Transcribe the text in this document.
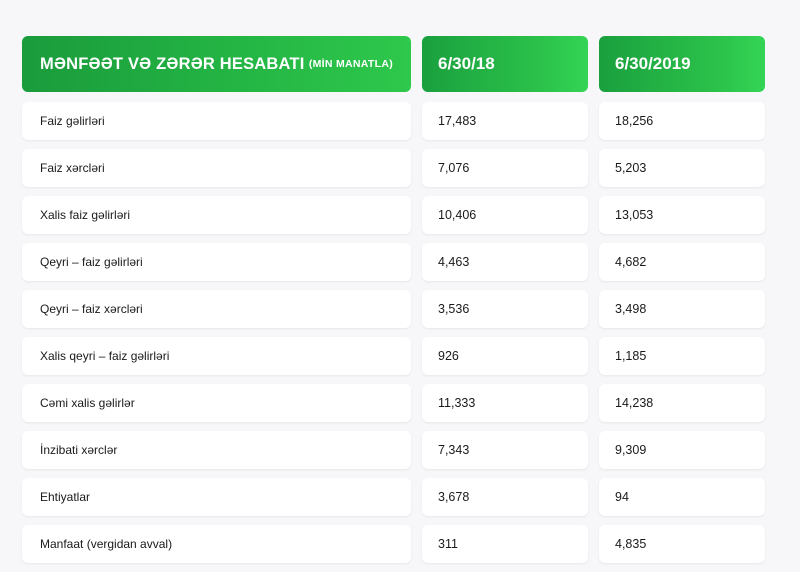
MƏNFƏƏT VƏ ZƏRƏR HESABATI (MİN MANATLA)	6/30/18	6/30/2019
Faiz gəlirləri	17,483	18,256
Faiz xərcləri	7,076	5,203
Xalis faiz gəlirləri	10,406	13,053
Qeyri – faiz gəlirləri	4,463	4,682
Qeyri – faiz xərcləri	3,536	3,498
Xalis qeyri – faiz gəlirləri	926	1,185
Cəmi xalis gəlirlər	11,333	14,238
İnzibati xərclər	7,343	9,309
Ehtiyatlar	3,678	94
Manfaat (vergidan avval)	311	4,835
